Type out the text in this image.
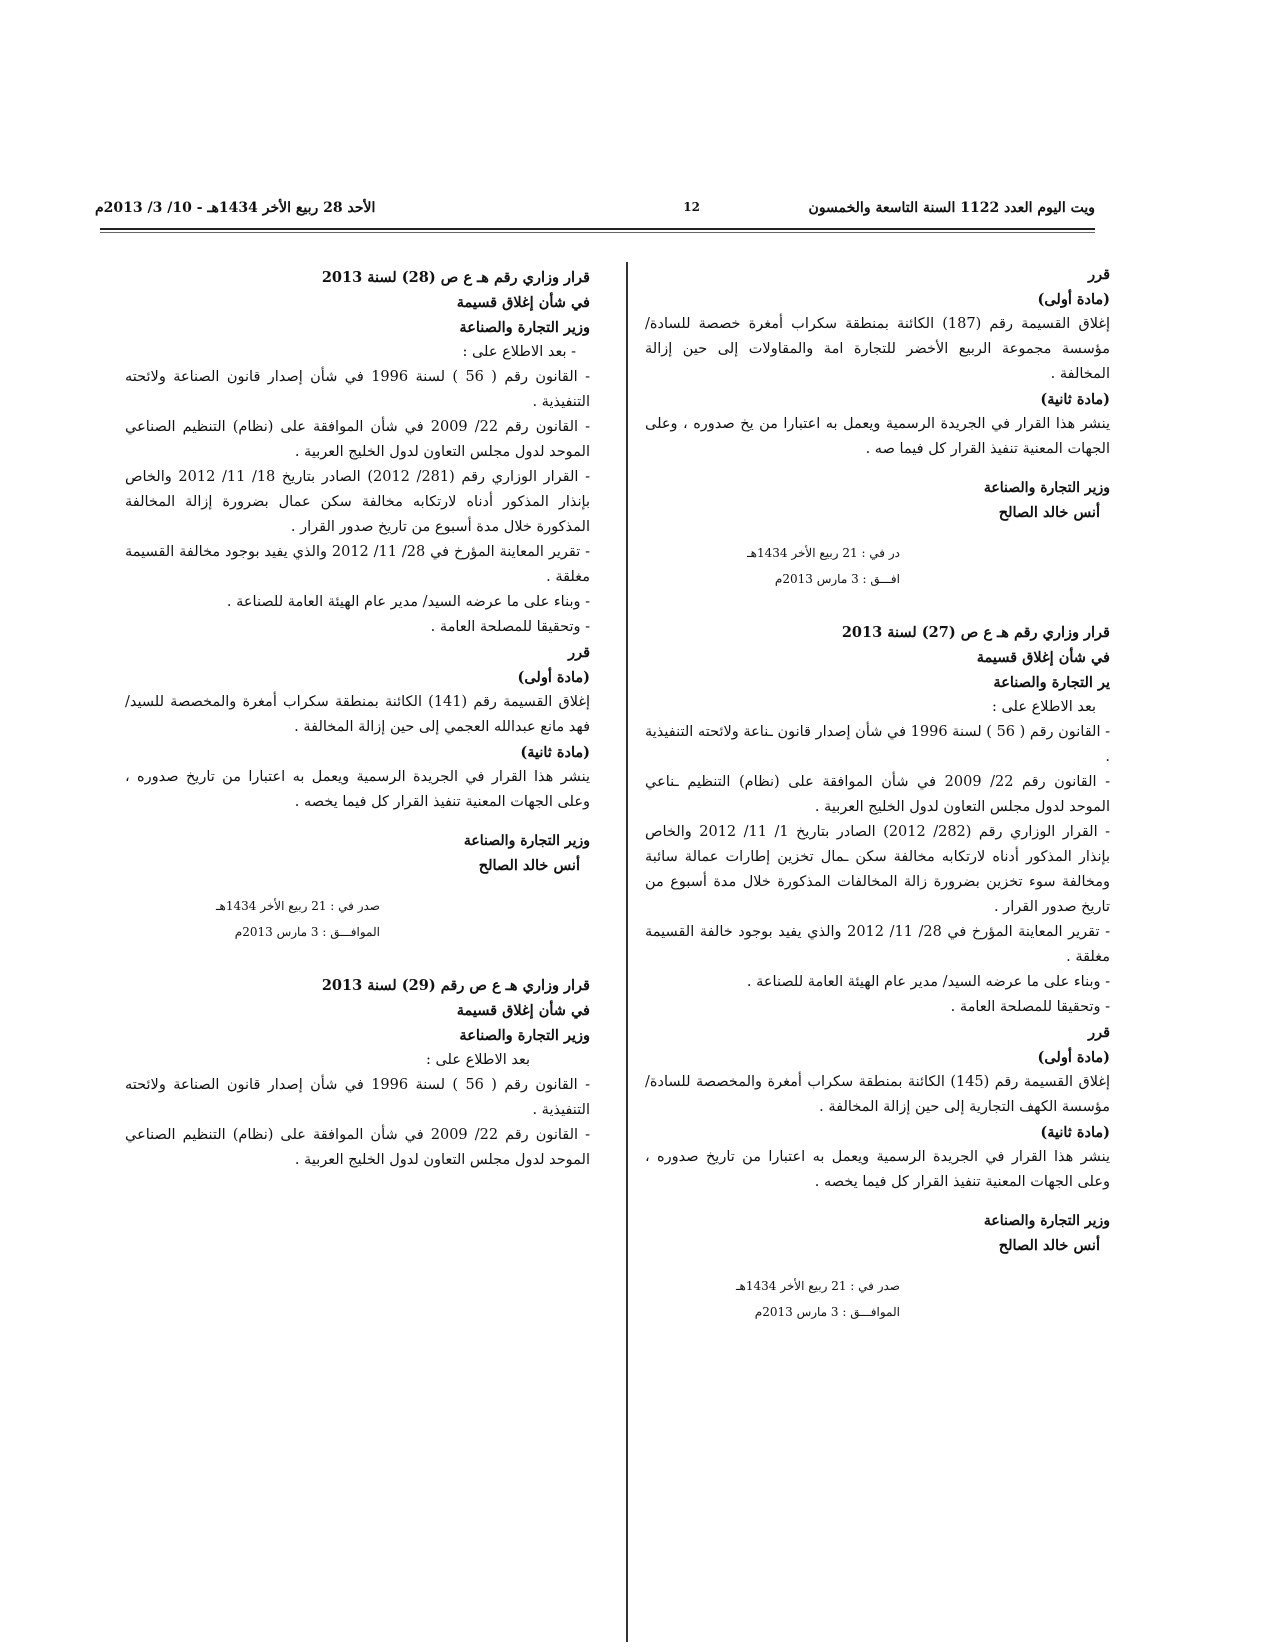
ويت اليوم العدد 1122 السنة التاسعة والخمسون
12
الأحد 28 ربيع الأخر 1434هـ - 10/ 3/ 2013م

قرر

(مادة أولى)

إغلاق القسيمة رقم (187) الكائنة بمنطقة سكراب أمغرة خصصة للسادة/ مؤسسة مجموعة الربيع الأخضر للتجارة امة والمقاولات إلى حين إزالة المخالفة .

(مادة ثانية)

ينشر هذا القرار في الجريدة الرسمية ويعمل به اعتبارا من يخ صدوره ، وعلى الجهات المعنية تنفيذ القرار كل فيما صه .

وزير التجارة والصناعة
أنس خالد الصالح
در في : 21 ربيع الأخر 1434هـ
افـــق : 3 مارس 2013م

قرار وزاري رقم هـ ع ص (27) لسنة 2013

في شأن إغلاق قسيمة

ير التجارة والصناعة

بعد الاطلاع على :

- القانون رقم ( 56 ) لسنة 1996 في شأن إصدار قانون ـناعة ولائحته التنفيذية .

- القانون رقم 22/ 2009 في شأن الموافقة على (نظام) التنظيم ـناعي الموحد لدول مجلس التعاون لدول الخليج العربية .

- القرار الوزاري رقم (282/ 2012) الصادر بتاريخ 1/ 11/ 2012 والخاص بإنذار المذكور أدناه لارتكابه مخالفة سكن ـمال تخزين إطارات عمالة سائبة ومخالفة سوء تخزين بضرورة زالة المخالفات المذكورة خلال مدة أسبوع من تاريخ صدور القرار .

- تقرير المعاينة المؤرخ في 28/ 11/ 2012 والذي يفيد بوجود خالفة القسيمة مغلقة .

- وبناء على ما عرضه السيد/ مدير عام الهيئة العامة للصناعة .

- وتحقيقا للمصلحة العامة .

قرر

(مادة أولى)

إغلاق القسيمة رقم (145) الكائنة بمنطقة سكراب أمغرة والمخصصة للسادة/ مؤسسة الكهف التجارية إلى حين إزالة المخالفة .

(مادة ثانية)

ينشر هذا القرار في الجريدة الرسمية ويعمل به اعتبارا من تاريخ صدوره ، وعلى الجهات المعنية تنفيذ القرار كل فيما يخصه .

وزير التجارة والصناعة
أنس خالد الصالح
صدر في : 21 ربيع الأخر 1434هـ
الموافـــق : 3 مارس 2013م

قرار وزاري رقم هـ ع ص (28) لسنة 2013

في شأن إغلاق قسيمة

وزير التجارة والصناعة

- بعد الاطلاع على :

- القانون رقم ( 56 ) لسنة 1996 في شأن إصدار قانون الصناعة ولائحته التنفيذية .

- القانون رقم 22/ 2009 في شأن الموافقة على (نظام) التنظيم الصناعي الموحد لدول مجلس التعاون لدول الخليج العربية .

- القرار الوزاري رقم (281/ 2012) الصادر بتاريخ 18/ 11/ 2012 والخاص بإنذار المذكور أدناه لارتكابه مخالفة سكن عمال بضرورة إزالة المخالفة المذكورة خلال مدة أسبوع من تاريخ صدور القرار .

- تقرير المعاينة المؤرخ في 28/ 11/ 2012 والذي يفيد بوجود مخالفة القسيمة مغلقة .

- وبناء على ما عرضه السيد/ مدير عام الهيئة العامة للصناعة .

- وتحقيقا للمصلحة العامة .

قرر

(مادة أولى)

إغلاق القسيمة رقم (141) الكائنة بمنطقة سكراب أمغرة والمخصصة للسيد/ فهد مانع عبدالله العجمي إلى حين إزالة المخالفة .

(مادة ثانية)

ينشر هذا القرار في الجريدة الرسمية ويعمل به اعتبارا من تاريخ صدوره ، وعلى الجهات المعنية تنفيذ القرار كل فيما يخصه .

وزير التجارة والصناعة
أنس خالد الصالح
صدر في : 21 ربيع الأخر 1434هـ
الموافـــق : 3 مارس 2013م

قرار وزاري هـ ع ص رقم (29) لسنة 2013

في شأن إغلاق قسيمة

وزير التجارة والصناعة

بعد الاطلاع على :

- القانون رقم ( 56 ) لسنة 1996 في شأن إصدار قانون الصناعة ولائحته التنفيذية .

- القانون رقم 22/ 2009 في شأن الموافقة على (نظام) التنظيم الصناعي الموحد لدول مجلس التعاون لدول الخليج العربية .
